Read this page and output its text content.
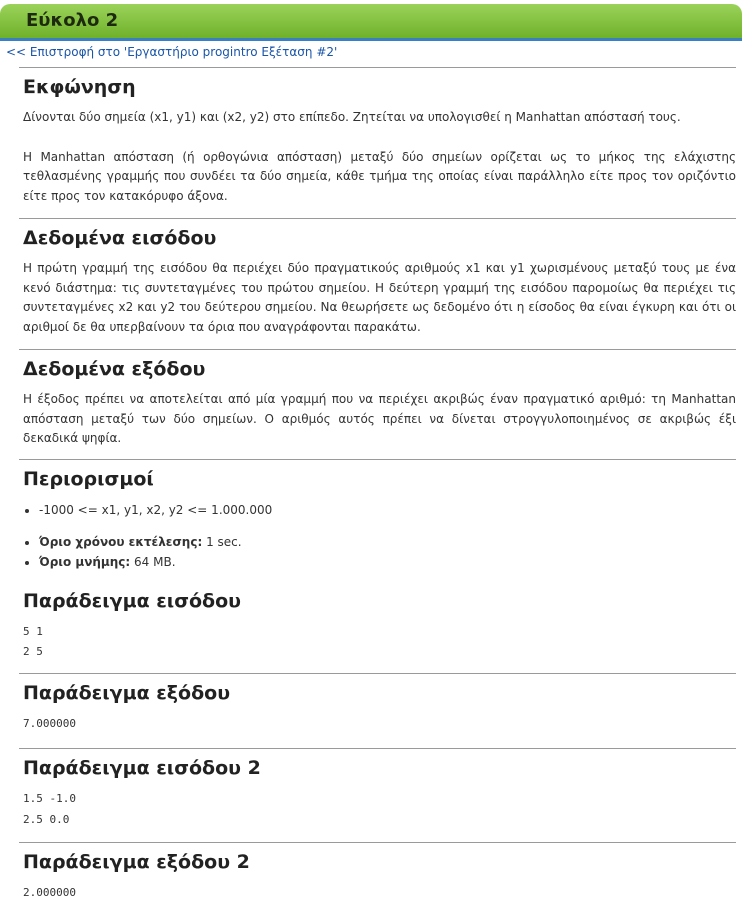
Εύκολο 2
<< Επιστροφή στο 'Εργαστήριο progintro Εξέταση #2'
Εκφώνηση

Δίνονται δύο σημεία (x1, y1) και (x2, y2) στο επίπεδο. Ζητείται να υπολογισθεί η Manhattan απόστασή τους.

Η Manhattan απόσταση (ή ορθογώνια απόσταση) μεταξύ δύο σημείων ορίζεται ως το μήκος της ελάχιστης τεθλασμένης γραμμής που συνδέει τα δύο σημεία, κάθε τμήμα της οποίας είναι παράλληλο είτε προς τον οριζόντιο είτε προς τον κατακόρυφο άξονα.

Δεδομένα εισόδου

Η πρώτη γραμμή της εισόδου θα περιέχει δύο πραγματικούς αριθμούς x1 και y1 χωρισμένους μεταξύ τους με ένα κενό διάστημα: τις συντεταγμένες του πρώτου σημείου. Η δεύτερη γραμμή της εισόδου παρομοίως θα περιέχει τις συντεταγμένες x2 και y2 του δεύτερου σημείου. Να θεωρήσετε ως δεδομένο ότι η είσοδος θα είναι έγκυρη και ότι οι αριθμοί δε θα υπερβαίνουν τα όρια που αναγράφονται παρακάτω.

Δεδομένα εξόδου

Η έξοδος πρέπει να αποτελείται από μία γραμμή που να περιέχει ακριβώς έναν πραγματικό αριθμό: τη Manhattan απόσταση μεταξύ των δύο σημείων. Ο αριθμός αυτός πρέπει να δίνεται στρογγυλοποιημένος σε ακριβώς έξι δεκαδικά ψηφία.

Περιορισμοί
• -1000 <= x1, y1, x2, y2 <= 1.000.000
• Όριο χρόνου εκτέλεσης: 1 sec.
• Όριο μνήμης: 64 MB.
Παράδειγμα εισόδου
5 1
2 5
Παράδειγμα εξόδου
7.000000
Παράδειγμα εισόδου 2
1.5 -1.0
2.5 0.0
Παράδειγμα εξόδου 2
2.000000
